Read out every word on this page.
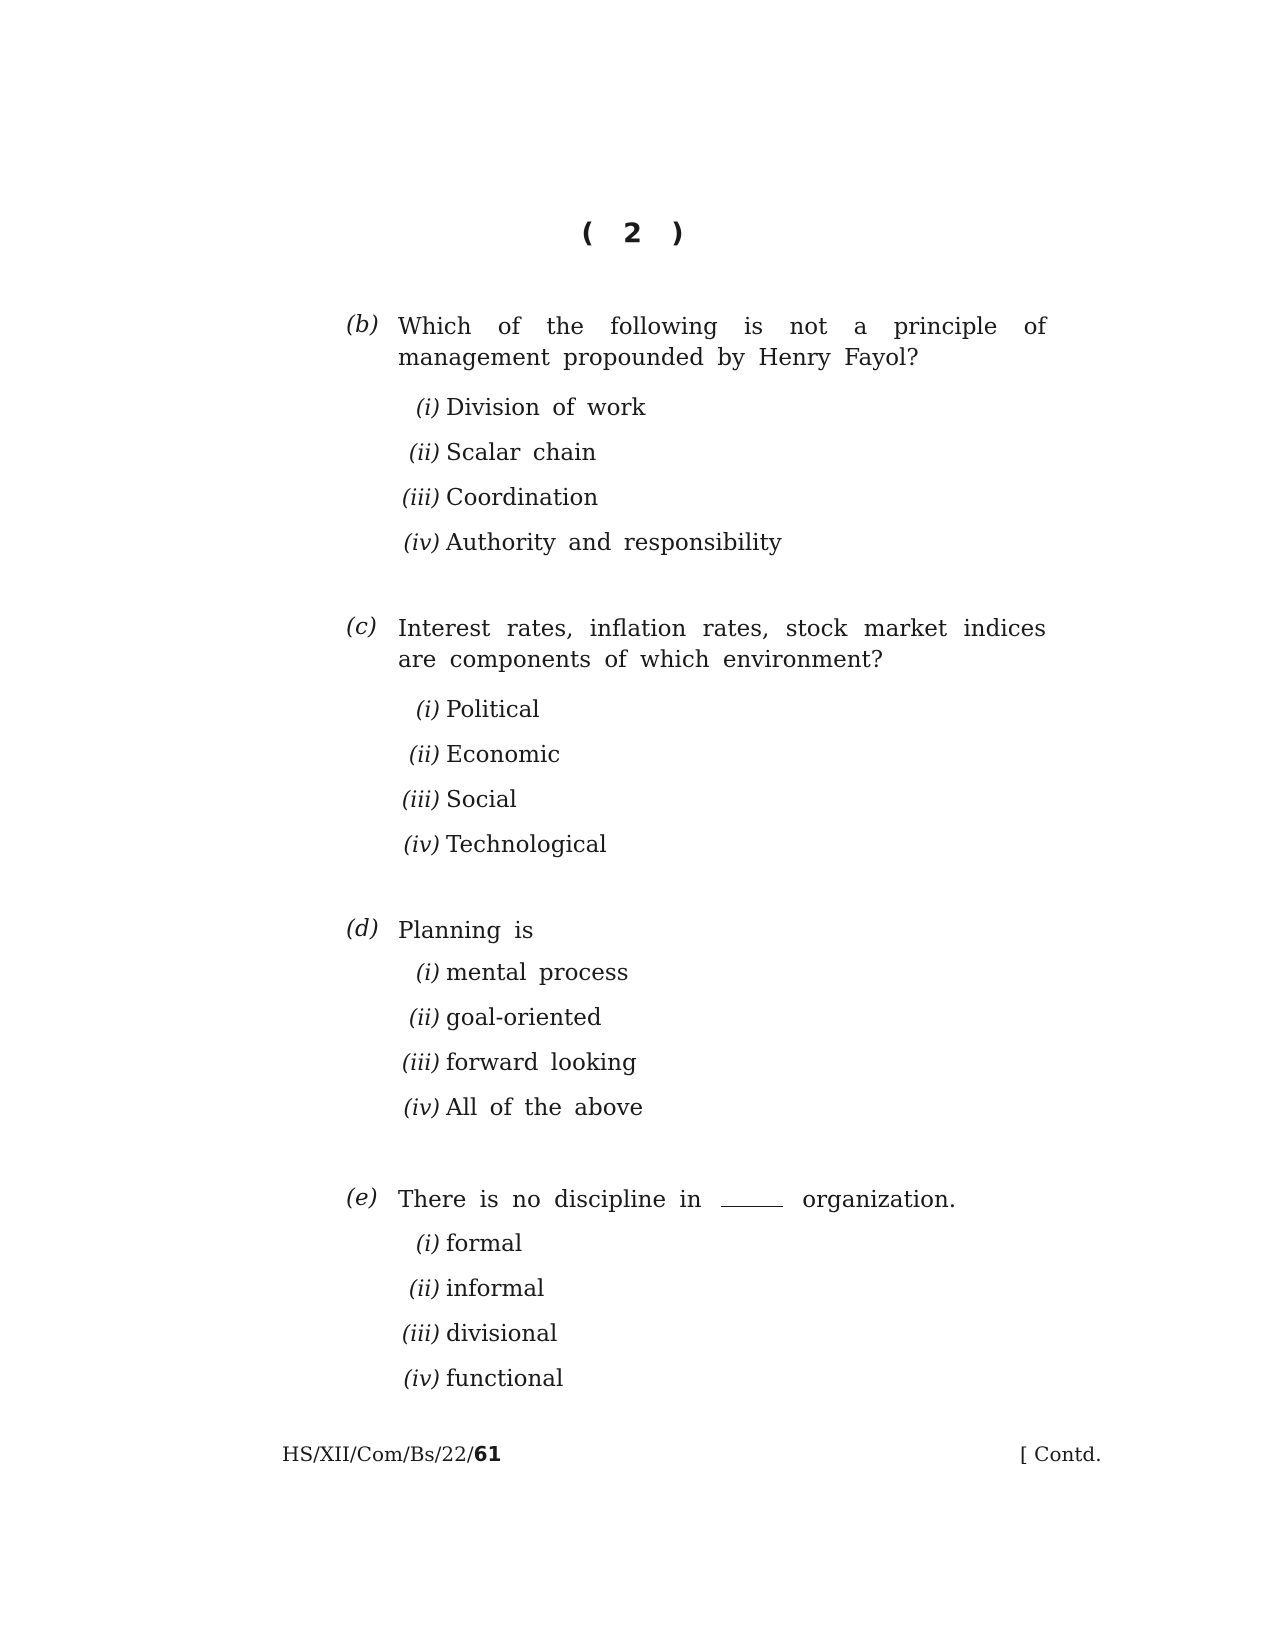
( 2 )
(b) Which of the following is not a principle of management propounded by Henry Fayol?
(i) Division of work
(ii) Scalar chain
(iii) Coordination
(iv) Authority and responsibility
(c) Interest rates, inflation rates, stock market indices are components of which environment?
(i) Political
(ii) Economic
(iii) Social
(iv) Technological
(d) Planning is
(i) mental process
(ii) goal-oriented
(iii) forward looking
(iv) All of the above
(e) There is no discipline in	organization.
(i) formal
(ii) informal
(iii) divisional
(iv) functional
HS/XII/Com/Bs/22/61	[ Contd.
